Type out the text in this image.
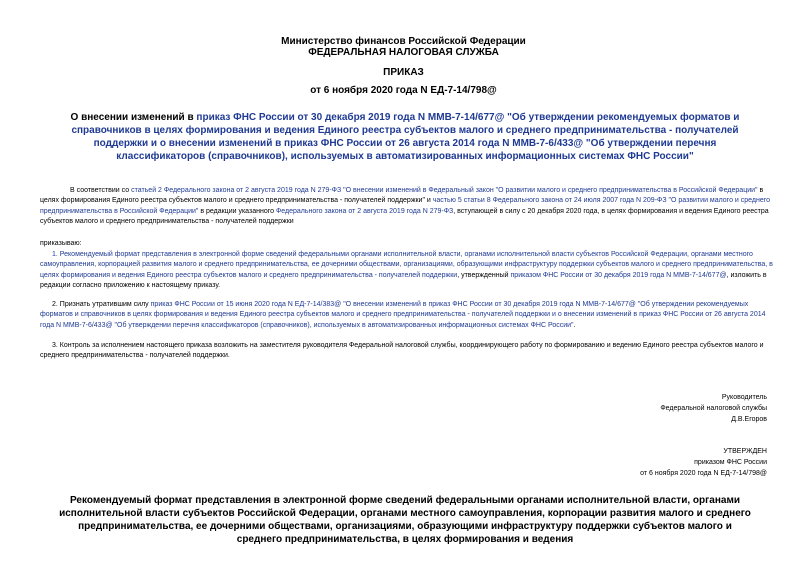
Министерство финансов Российской Федерации
ФЕДЕРАЛЬНАЯ НАЛОГОВАЯ СЛУЖБА
ПРИКАЗ
от 6 ноября 2020 года N ЕД-7-14/798@
О внесении изменений в приказ ФНС России от 30 декабря 2019 года N ММВ-7-14/677@ "Об утверждении рекомендуемых форматов и справочников в целях формирования и ведения Единого реестра субъектов малого и среднего предпринимательства - получателей поддержки и о внесении изменений в приказ ФНС России от 26 августа 2014 года N ММВ-7-6/433@ "Об утверждении перечня классификаторов (справочников), используемых в автоматизированных информационных системах ФНС России"
В соответствии со статьей 2 Федерального закона от 2 августа 2019 года N 279-ФЗ "О внесении изменений в Федеральный закон "О развитии малого и среднего предпринимательства в Российской Федерации" в целях формирования Единого реестра субъектов малого и среднего предпринимательства - получателей поддержки" и частью 5 статьи 8 Федерального закона от 24 июля 2007 года N 209-ФЗ "О развитии малого и среднего предпринимательства в Российской Федерации" в редакции указанного Федерального закона от 2 августа 2019 года N 279-ФЗ, вступающей в силу с 20 декабря 2020 года, в целях формирования и ведения Единого реестра субъектов малого и среднего предпринимательства - получателей поддержки
приказываю:
1. Рекомендуемый формат представления в электронной форме сведений федеральными органами исполнительной власти, органами исполнительной власти субъектов Российской Федерации, органами местного самоуправления, корпорацией развития малого и среднего предпринимательства, ее дочерними обществами, организациями, образующими инфраструктуру поддержки субъектов малого и среднего предпринимательства, в целях формирования и ведения Единого реестра субъектов малого и среднего предпринимательства - получателей поддержки, утвержденный приказом ФНС России от 30 декабря 2019 года N ММВ-7-14/677@, изложить в редакции согласно приложению к настоящему приказу.
2. Признать утратившим силу приказ ФНС России от 15 июня 2020 года N ЕД-7-14/383@ "О внесении изменений в приказ ФНС России от 30 декабря 2019 года N ММВ-7-14/677@ "Об утверждении рекомендуемых форматов и справочников в целях формирования и ведения Единого реестра субъектов малого и среднего предпринимательства - получателей поддержки и о внесении изменений в приказ ФНС России от 26 августа 2014 года N ММВ-7-6/433@ "Об утверждении перечня классификаторов (справочников), используемых в автоматизированных информационных системах ФНС России".
3. Контроль за исполнением настоящего приказа возложить на заместителя руководителя Федеральной налоговой службы, координирующего работу по формированию и ведению Единого реестра субъектов малого и среднего предпринимательства - получателей поддержки.
Руководитель
Федеральной налоговой службы
Д.В.Егоров
УТВЕРЖДЕН
приказом ФНС России
от 6 ноября 2020 года N ЕД-7-14/798@
Рекомендуемый формат представления в электронной форме сведений федеральными органами исполнительной власти, органами исполнительной власти субъектов Российской Федерации, органами местного самоуправления, корпорации развития малого и среднего предпринимательства, ее дочерними обществами, организациями, образующими инфраструктуру поддержки субъектов малого и среднего предпринимательства, в целях формирования и ведения
